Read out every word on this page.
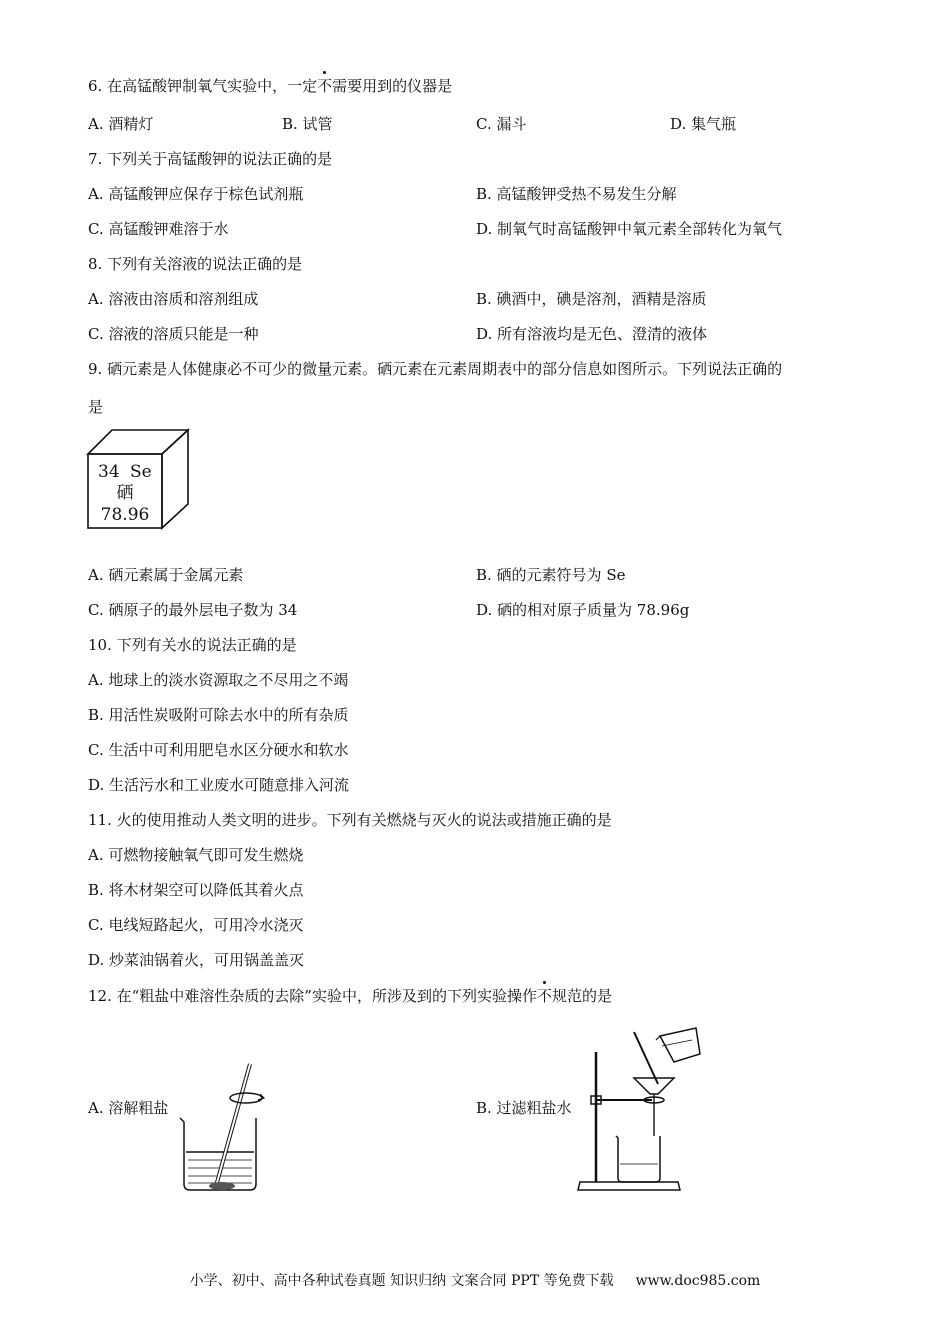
6. 在高锰酸钾制氧气实验中，一定不需要用到的仪器是
A. 酒精灯	B. 试管	C. 漏斗	D. 集气瓶
7. 下列关于高锰酸钾的说法正确的是
A. 高锰酸钾应保存于棕色试剂瓶	B. 高锰酸钾受热不易发生分解
C. 高锰酸钾难溶于水	D. 制氧气时高锰酸钾中氧元素全部转化为氧气
8. 下列有关溶液的说法正确的是
A. 溶液由溶质和溶剂组成	B. 碘酒中，碘是溶剂，酒精是溶质
C. 溶液的溶质只能是一种	D. 所有溶液均是无色、澄清的液体
9. 硒元素是人体健康必不可少的微量元素。硒元素在元素周期表中的部分信息如图所示。下列说法正确的
是
34 Se
硒
78.96
A. 硒元素属于金属元素	B. 硒的元素符号为 Se
C. 硒原子的最外层电子数为 34	D. 硒的相对原子质量为 78.96g
10. 下列有关水的说法正确的是
A. 地球上的淡水资源取之不尽用之不竭
B. 用活性炭吸附可除去水中的所有杂质
C. 生活中可利用肥皂水区分硬水和软水
D. 生活污水和工业废水可随意排入河流
11. 火的使用推动人类文明的进步。下列有关燃烧与灭火的说法或措施正确的是
A. 可燃物接触氧气即可发生燃烧
B. 将木材架空可以降低其着火点
C. 电线短路起火，可用冷水浇灭
D. 炒菜油锅着火，可用锅盖盖灭
12. 在“粗盐中难溶性杂质的去除”实验中，所涉及到的下列实验操作不规范的是
A. 溶解粗盐	B. 过滤粗盐水
小学、初中、高中各种试卷真题 知识归纳 文案合同 PPT 等免费下载 www.doc985.com
